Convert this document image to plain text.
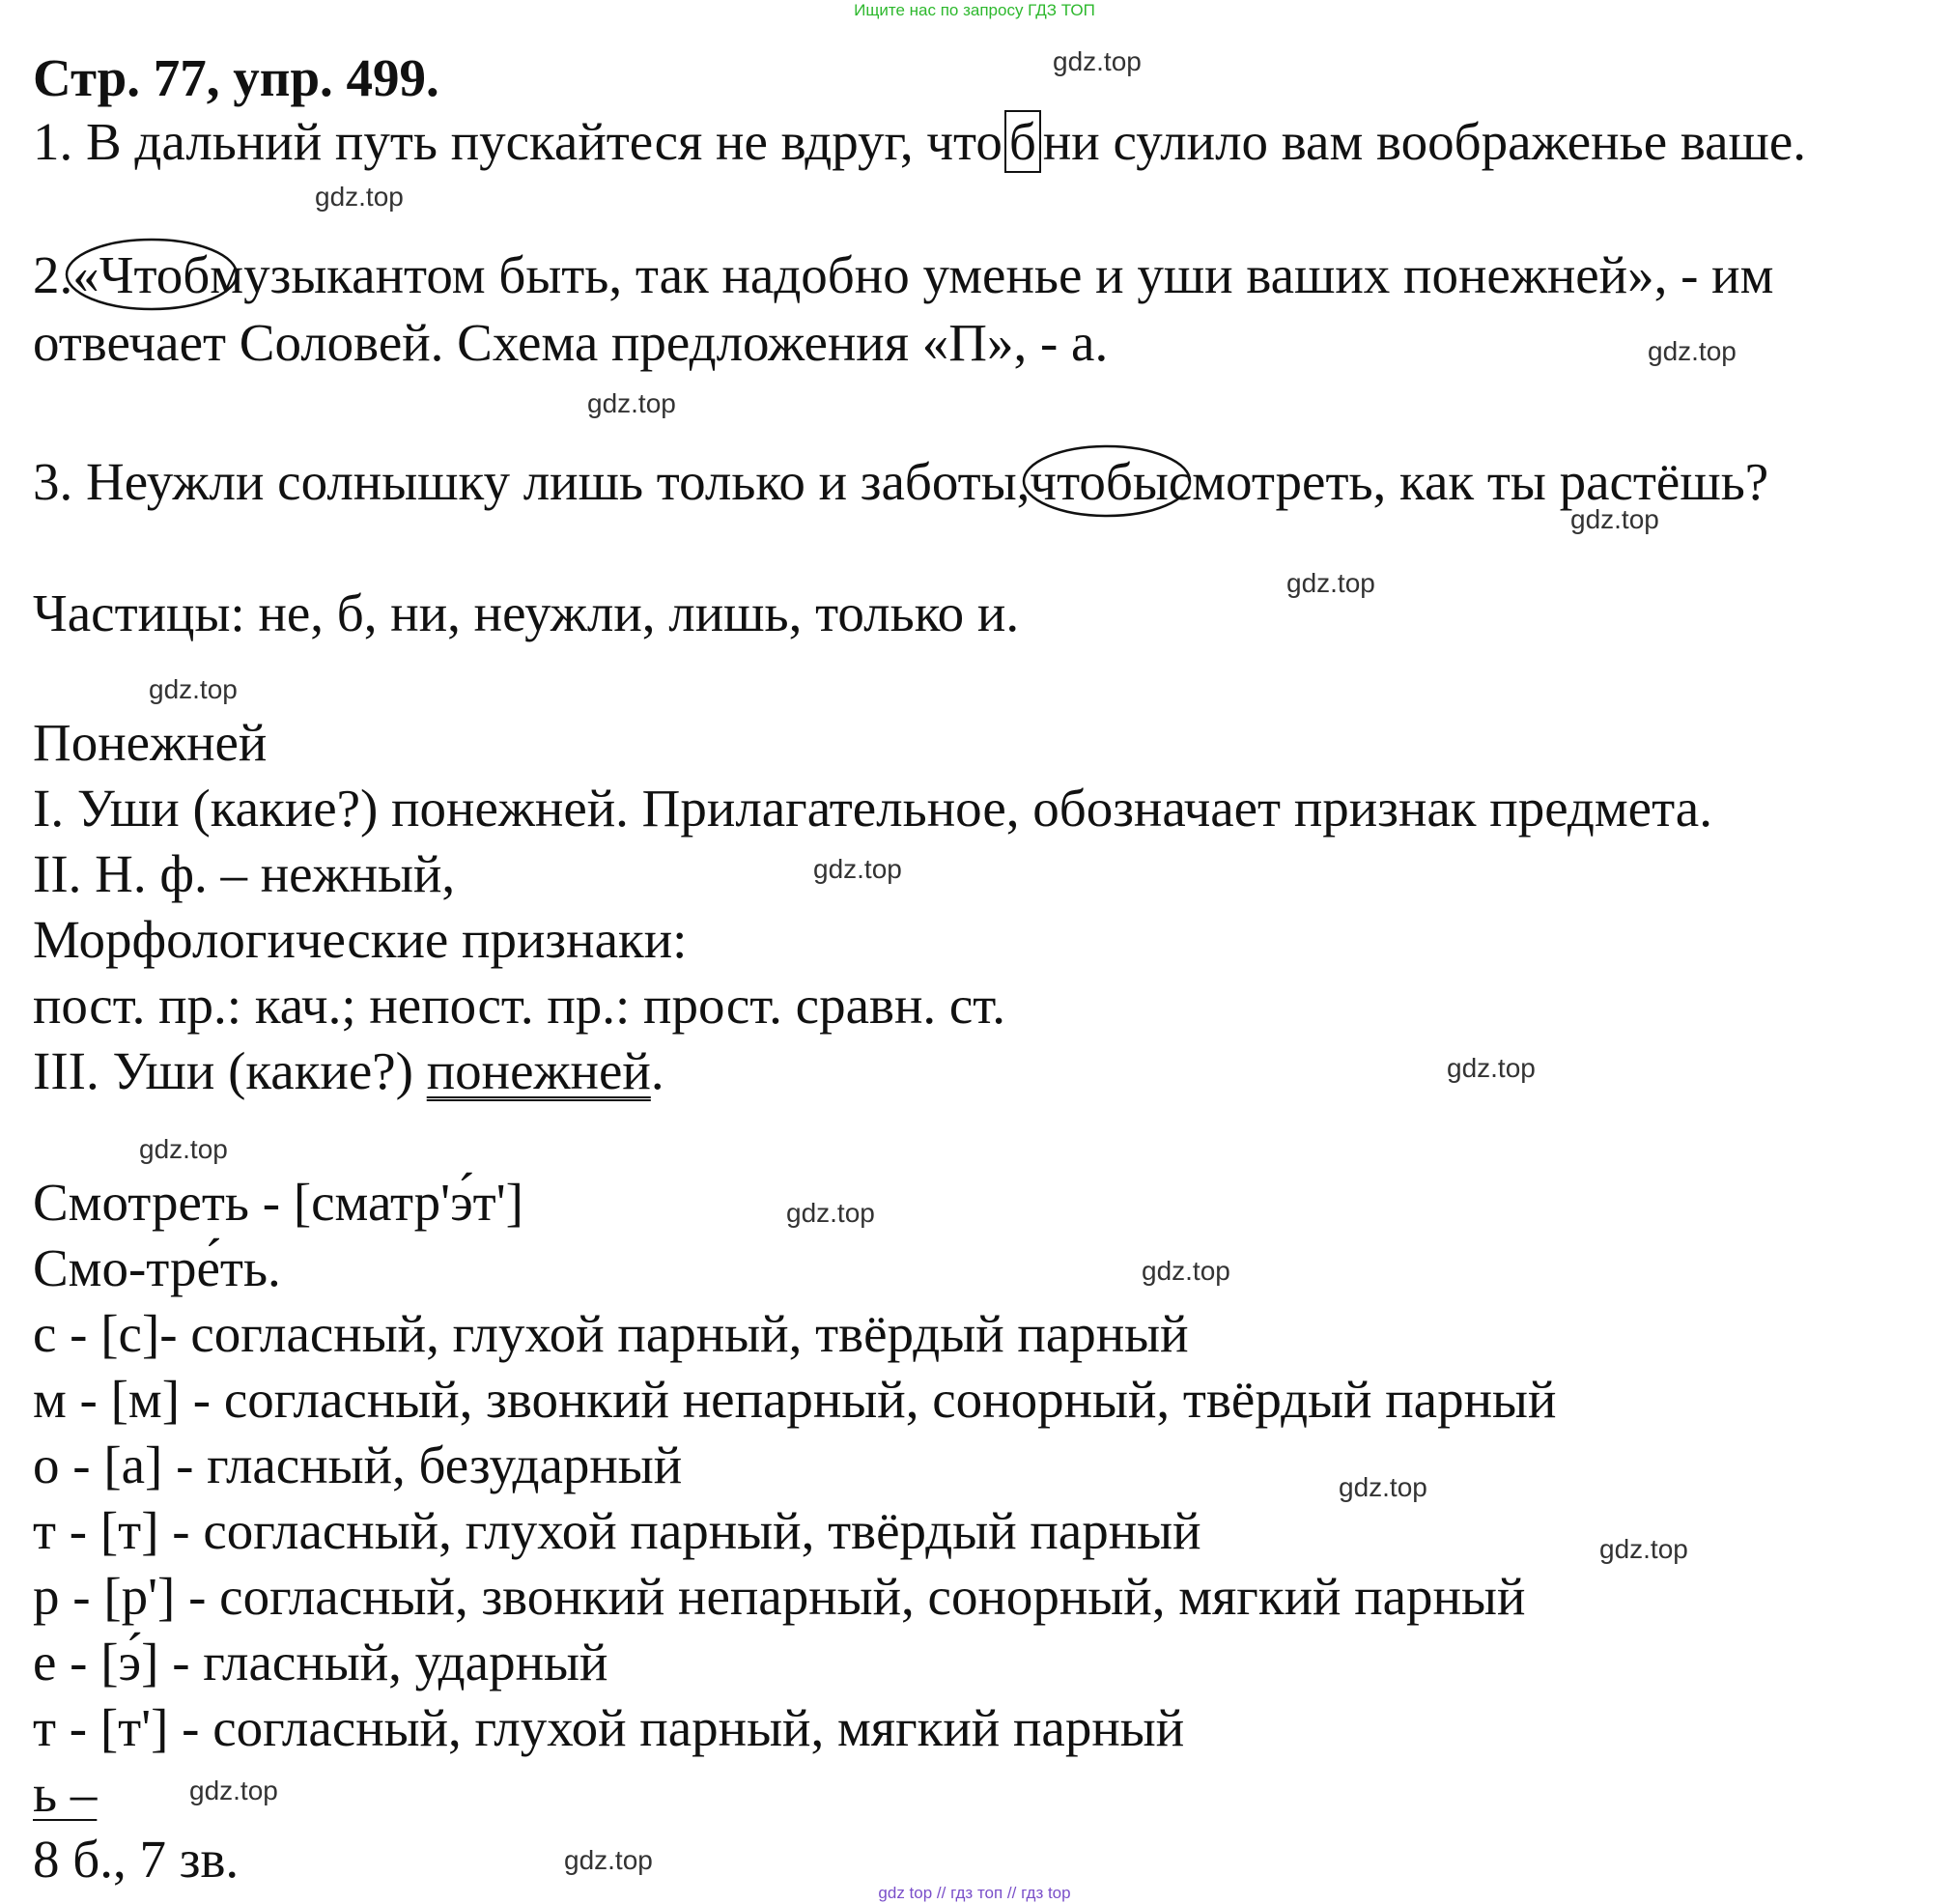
Ищите нас по запросу ГДЗ ТОП
gdz top // гдз топ // гдз top
Стр. 77, упр. 499.
1. В дальний путь пускайтеся не вдруг, что б ни сулило вам воображенье ваше.
2.
«Чтобмузыкантом быть, так надобно уменье и уши ваших понежней», - им
отвечает Соловей. Схема предложения «П», - а.
3. Неужли солнышку лишь только и заботы,
чтобысмотреть, как ты растёшь?
Частицы: не, б, ни, неужли, лишь, только и.
Понежней
I. Уши (какие?) понежней. Прилагательное, обозначает признак предмета.
II. Н. ф. – нежный,
Морфологические признаки:
пост. пр.: кач.; непост. пр.: прост. сравн. ст.
III. Уши (какие?) понежней.
Смотреть - [сматр'э́т']
Смо-тре́ть.
с - [с]- согласный, глухой парный, твёрдый парный
м - [м] - согласный, звонкий непарный, сонорный, твёрдый парный
о - [а] - гласный, безударный
т - [т] - согласный, глухой парный, твёрдый парный
р - [р'] - согласный, звонкий непарный, сонорный, мягкий парный
е - [э́] - гласный, ударный
т - [т'] - согласный, глухой парный, мягкий парный
ь –
8 б., 7 зв.
gdz.top
gdz.top
gdz.top
gdz.top
gdz.top
gdz.top
gdz.top
gdz.top
gdz.top
gdz.top
gdz.top
gdz.top
gdz.top
gdz.top
gdz.top
gdz.top
